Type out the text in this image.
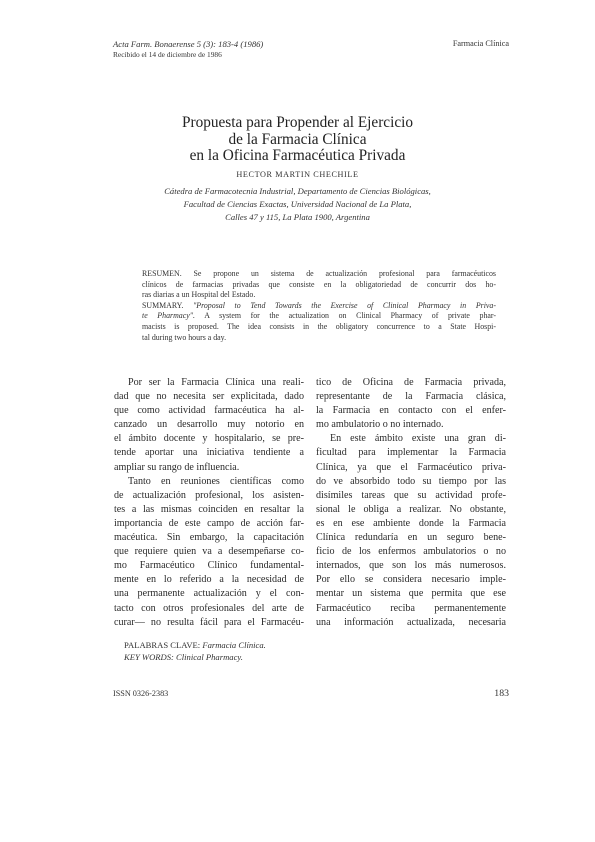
Acta Farm. Bonaerense 5 (3): 183-4 (1986)
Recibido el 14 de diciembre de 1986
Farmacia Clínica
Propuesta para Propender al Ejercicio
de la Farmacia Clínica
en la Oficina Farmacéutica Privada
HECTOR MARTIN CHECHILE
Cátedra de Farmacotecnia Industrial, Departamento de Ciencias Biológicas,
Facultad de Ciencias Exactas, Universidad Nacional de La Plata,
Calles 47 y 115, La Plata 1900, Argentina
RESUMEN. Se propone un sistema de actualización profesional para farmacéuticos
clínicos de farmacias privadas que consiste en la obligatoriedad de concurrir dos ho-
ras diarias a un Hospital del Estado.
SUMMARY. "Proposal to Tend Towards the Exercise of Clinical Pharmacy in Priva-
te Pharmacy". A system for the actualization on Clinical Pharmacy of private phar-
macists is proposed. The idea consists in the obligatory concurrence to a State Hospi-
tal during two hours a day.
Por ser la Farmacia Clínica una reali-
dad que no necesita ser explicitada, dado
que como actividad farmacéutica ha al-
canzado un desarrollo muy notorio en
el ámbito docente y hospitalario, se pre-
tende aportar una iniciativa tendiente a
ampliar su rango de influencia.
Tanto en reuniones científicas como
de actualización profesional, los asisten-
tes a las mismas coinciden en resaltar la
importancia de este campo de acción far-
macéutica. Sin embargo, la capacitación
que requiere quien va a desempeñarse co-
mo Farmacéutico Clínico fundamental-
mente en lo referido a la necesidad de
una permanente actualización y el con-
tacto con otros profesionales del arte de
curar— no resulta fácil para el Farmacéu-
tico de Oficina de Farmacia privada,
representante de la Farmacia clásica,
la Farmacia en contacto con el enfer-
mo ambulatorio o no internado.
En este ámbito existe una gran di-
ficultad para implementar la Farmacia
Clínica, ya que el Farmacéutico priva-
do ve absorbido todo su tiempo por las
disímiles tareas que su actividad profe-
sional le obliga a realizar. No obstante,
es en ese ambiente donde la Farmacia
Clínica redundaría en un seguro bene-
ficio de los enfermos ambulatorios o no
internados, que son los más numerosos.
Por ello se considera necesario imple-
mentar un sistema que permita que ese
Farmacéutico reciba permanentemente
una información actualizada, necesaria
PALABRAS CLAVE: Farmacia Clínica.
KEY WORDS: Clinical Pharmacy.
ISSN 0326-2383	183
